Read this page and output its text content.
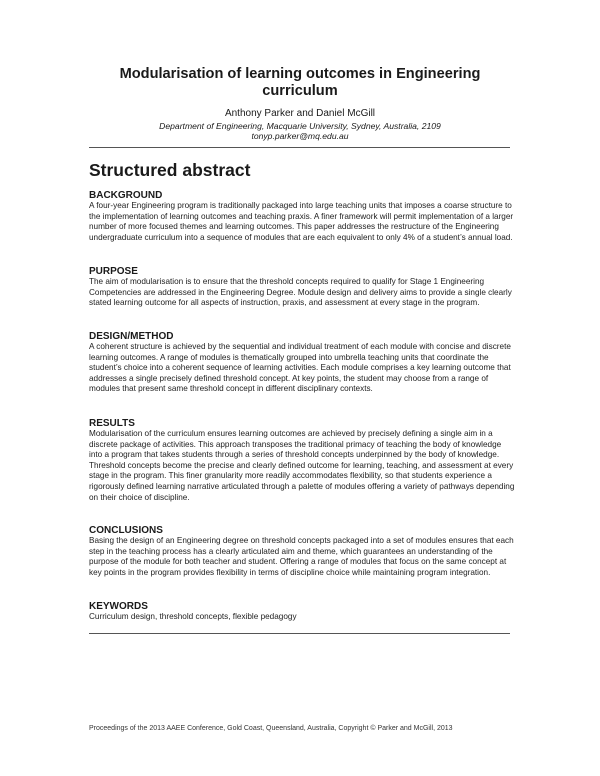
Modularisation of learning outcomes in Engineering curriculum
Anthony Parker and Daniel McGill
Department of Engineering, Macquarie University, Sydney, Australia, 2109
tonyp.parker@mq.edu.au
Structured abstract
BACKGROUND

A four-year Engineering program is traditionally packaged into large teaching units that imposes a coarse structure to the implementation of learning outcomes and teaching praxis. A finer framework will permit implementation of a larger number of more focused themes and learning outcomes. This paper addresses the restructure of the Engineering undergraduate curriculum into a sequence of modules that are each equivalent to only 4% of a student’s annual load.

PURPOSE

The aim of modularisation is to ensure that the threshold concepts required to qualify for Stage 1 Engineering Competencies are addressed in the Engineering Degree. Module design and delivery aims to provide a single clearly stated learning outcome for all aspects of instruction, praxis, and assessment at every stage in the program.

DESIGN/METHOD

A coherent structure is achieved by the sequential and individual treatment of each module with concise and discrete learning outcomes. A range of modules is thematically grouped into umbrella teaching units that coordinate the student’s choice into a coherent sequence of learning activities. Each module comprises a key learning outcome that addresses a single precisely defined threshold concept. At key points, the student may choose from a range of modules that present same threshold concept in different disciplinary contexts.

RESULTS

Modularisation of the curriculum ensures learning outcomes are achieved by precisely defining a single aim in a discrete package of activities. This approach transposes the traditional primacy of teaching the body of knowledge into a program that takes students through a series of threshold concepts underpinned by the body of knowledge. Threshold concepts become the precise and clearly defined outcome for learning, teaching, and assessment at every stage in the program. This finer granularity more readily accommodates flexibility, so that students experience a rigorously defined learning narrative articulated through a palette of modules offering a variety of pathways depending on their choice of discipline.

CONCLUSIONS

Basing the design of an Engineering degree on threshold concepts packaged into a set of modules ensures that each step in the teaching process has a clearly articulated aim and theme, which guarantees an understanding of the purpose of the module for both teacher and student. Offering a range of modules that focus on the same concept at key points in the program provides flexibility in terms of discipline choice while maintaining program integration.

KEYWORDS

Curriculum design, threshold concepts, flexible pedagogy

Proceedings of the 2013 AAEE Conference, Gold Coast, Queensland, Australia, Copyright © Parker and McGill, 2013
